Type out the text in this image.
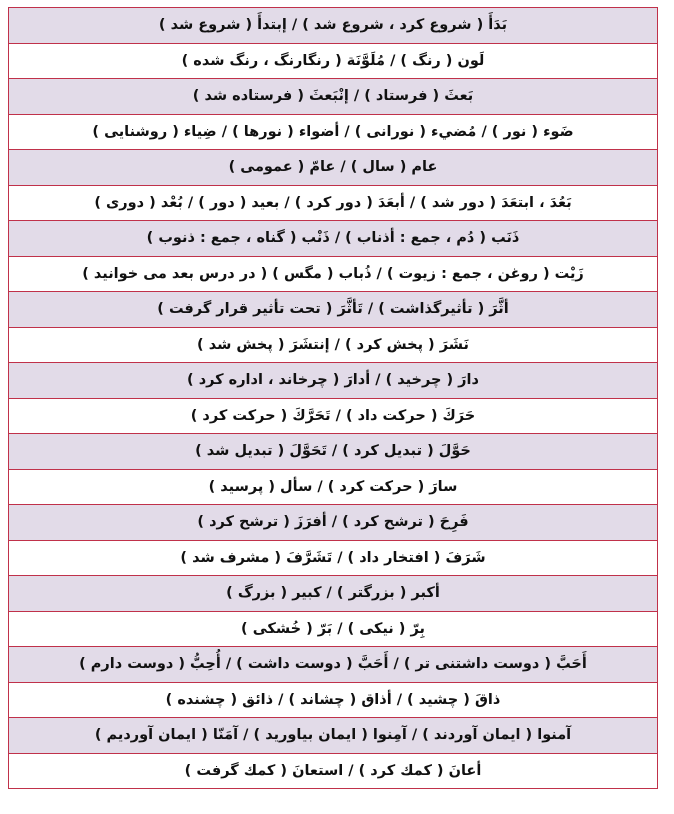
بَدَأَ ( شروع كرد ، شروع شد ) / إبتدأَ ( شروع شد )
لَون ( رنگ ) / مُلَوَّنَة ( رنگارنگ ، رنگ شده )
بَعثَ ( فرستاد ) / إنْبَعثَ ( فرستاده شد )
ضَوء ( نور ) / مُضيء ( نورانى ) / أضواء ( نورها ) / ضِياء ( روشنايى )
عام ( سال ) / عامّ ( عمومى )
بَعُدَ ، ابتعَدَ ( دور شد ) / أبعَدَ ( دور كرد ) / بعيد ( دور ) / بُعْد ( دورى )
ذَنَب ( دُم ، جمع : أذناب ) / ذَنْب ( گناه ، جمع : ذنوب )
زَيْت ( روغن ، جمع : زيوت ) / ذُباب ( مگس ) ( در درس بعد مى خوانيد )
أثَّرَ ( تأثيرگذاشت ) / تَأثَّرَ ( تحت تأثير قرار گرفت )
نَشَرَ ( پخش كرد ) / إنتشَرَ ( پخش شد )
دارَ ( چرخيد ) / أدارَ ( چرخاند ، اداره كرد )
حَرَكَ ( حركت داد ) / تَحَرَّكَ ( حركت كرد )
حَوَّلَ ( تبديل كرد ) / تَحَوَّلَ ( تبديل شد )
سارَ ( حركت كرد ) / سأل ( پرسيد )
فَرِحَ ( ترشح كرد ) / أفرَزَ ( ترشح كرد )
شَرَفَ ( افتخار داد ) / تَشَرَّفَ ( مشرف شد )
أكبر ( بزرگتر ) / كبير ( بزرگ )
بِرّ ( نيكى ) / بَرّ ( خُشكى )
أَحَبَّ ( دوست داشتنى تر ) / أَحَبَّ ( دوست داشت ) / أُحِبُّ ( دوست دارم )
ذاقَ ( چشيد ) / أذاق ( چشاند ) / ذائق ( چشنده )
آمنوا ( ايمان آوردند ) / آمِنوا ( ايمان بياوريد ) / آمَنّا ( ايمان آورديم )
أعانَ ( كمك كرد ) / استعانَ ( كمك گرفت )
